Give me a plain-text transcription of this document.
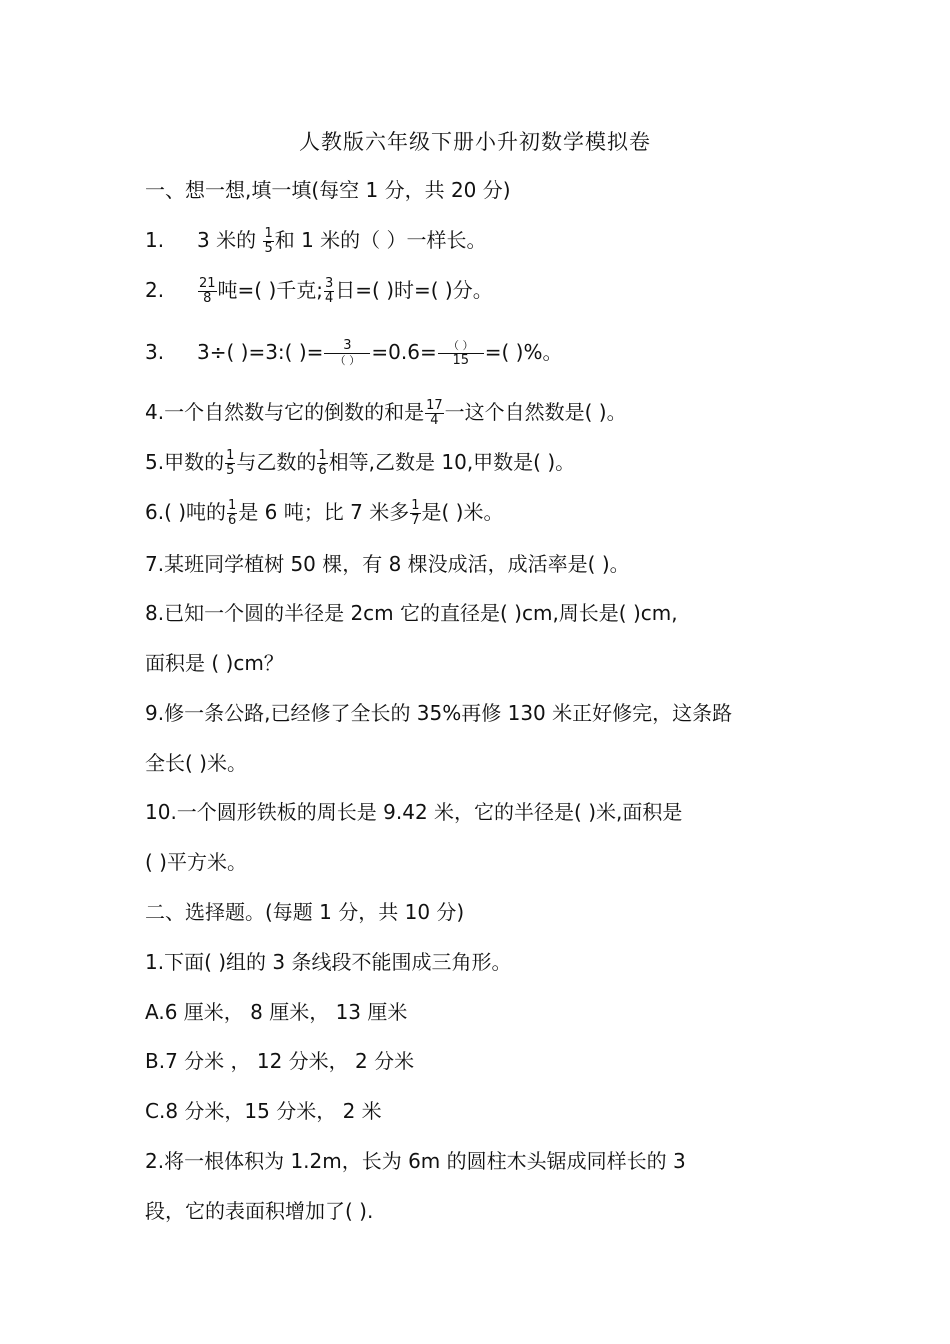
人教版六年级下册小升初数学模拟卷
一、想一想,填一填(每空 1 分，共 20 分)
1. 3 米的 $\frac{1}{5}$ 和 1 米的（ ）一样长。
2.	$\frac{21}{8}$ 吨=( )千克; $\frac{3}{4}$ 日=( )时=( )分。
3. 3÷( )=3:( )= $\frac{3}{( )} =0.6= \frac{( )}{15}$ =( )%。
4.一个自然数与它的倒数的和是 $\frac{17}{4}$ 一这个自然数是( )。
5.甲数的 $\frac{1}{5}$ 与乙数的 $\frac{1}{6}$ 相等,乙数是 10,甲数是( )。
6.( )吨的 $\frac{1}{6}$ 是 6 吨；比 7 米多 $\frac{1}{7}$ 是( )米。
7.某班同学植树 50 棵，有 8 棵没成活，成活率是( )。
8.已知一个圆的半径是 2cm 它的直径是( )cm,周长是( )cm,
面积是 ( )cm？
9.修一条公路,已经修了全长的 35%再修 130 米正好修完，这条路
全长( )米。
10.一个圆形铁板的周长是 9.42 米，它的半径是( )米,面积是
( )平方米。
二、选择题。(每题 1 分，共 10 分)
1.下面( )组的 3 条线段不能围成三角形。
A.6 厘米， 8 厘米， 13 厘米
B.7 分米 ， 12 分米， 2 分米
C.8 分米，15 分米， 2 米
2.将一根体积为 1.2m，长为 6m 的圆柱木头锯成同样长的 3
段，它的表面积增加了( ).
